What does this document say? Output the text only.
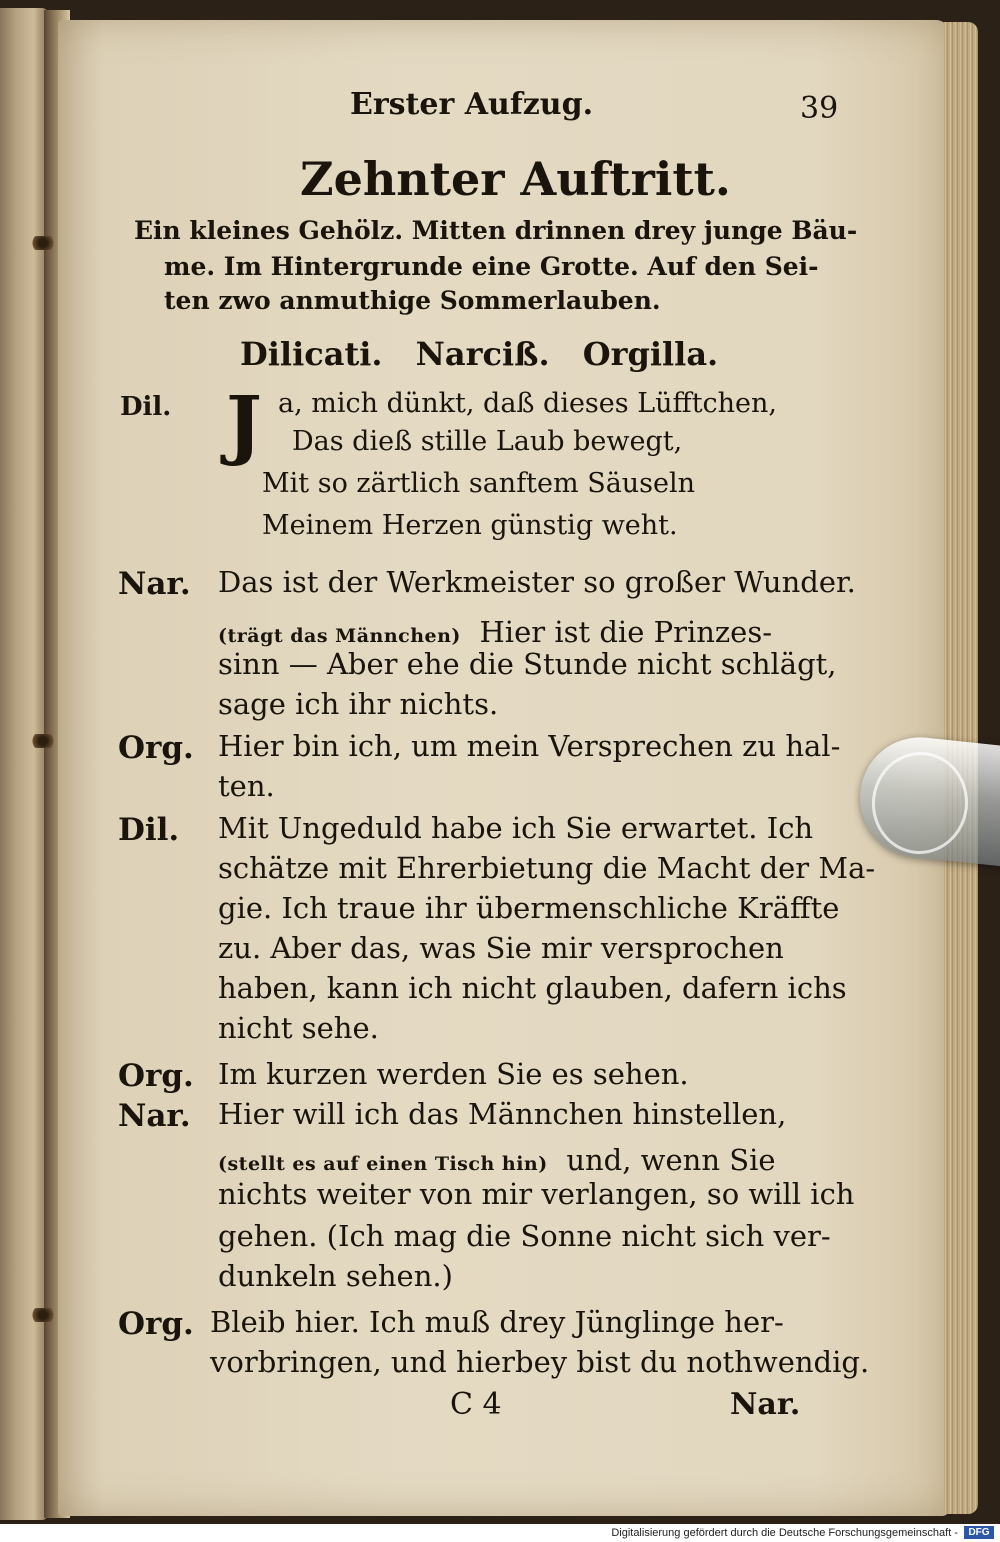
Erster Aufzug.	39
Zehnter Auftritt.
Ein kleines Gehölz. Mitten drinnen drey junge Bäu-
me. Im Hintergrunde eine Grotte. Auf den Sei-
ten zwo anmuthige Sommerlauben.
Dilicati. Narciß. Orgilla.
Dil. J a, mich dünkt, daß dieses Lüfftchen,
Das dieß stille Laub bewegt,
Mit so zärtlich sanftem Säuseln
Meinem Herzen günstig weht.
Nar. Das ist der Werkmeister so großer Wunder.
(trägt das Männchen) Hier ist die Prinzes-
sinn — Aber ehe die Stunde nicht schlägt,
sage ich ihr nichts.
Org. Hier bin ich, um mein Versprechen zu hal-
ten.
Dil. Mit Ungeduld habe ich Sie erwartet. Ich
schätze mit Ehrerbietung die Macht der Ma-
gie. Ich traue ihr übermenschliche Kräffte
zu. Aber das, was Sie mir versprochen
haben, kann ich nicht glauben, dafern ichs
nicht sehe.
Org. Im kurzen werden Sie es sehen.
Nar. Hier will ich das Männchen hinstellen,
(stellt es auf einen Tisch hin) und, wenn Sie
nichts weiter von mir verlangen, so will ich
gehen. (Ich mag die Sonne nicht sich ver-
dunkeln sehen.)
Org. Bleib hier. Ich muß drey Jünglinge her-
vorbringen, und hierbey bist du nothwendig.
C 4	Nar.
Digitalisierung gefördert durch die Deutsche Forschungsgemeinschaft -	DFG
